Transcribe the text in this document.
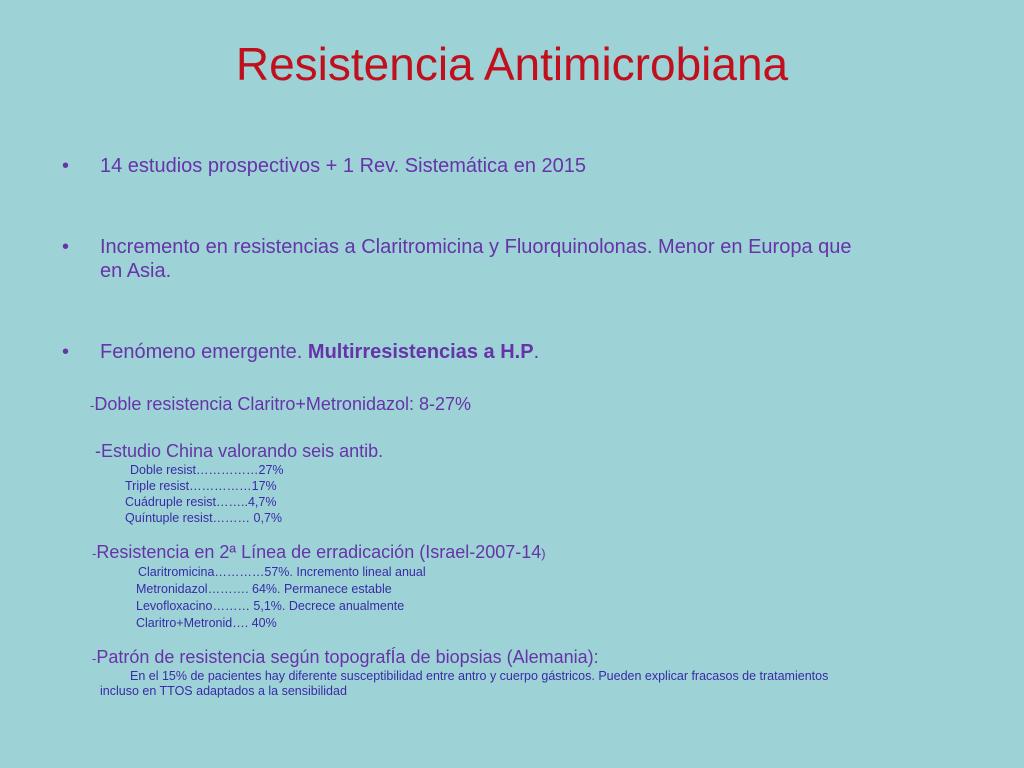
Resistencia Antimicrobiana
• 14 estudios prospectivos + 1 Rev. Sistemática en 2015
• Incremento en resistencias a Claritromicina y Fluorquinolonas. Menor en Europa que
en Asia.
• Fenómeno emergente. Multirresistencias a H.P.
-Doble resistencia Claritro+Metronidazol: 8-27%
-Estudio China valorando seis antib.
Doble resist……………27%
Triple resist……………17%
Cuádruple resist……..4,7%
Quíntuple resist……… 0,7%
-Resistencia en 2ª Línea de erradicación (Israel-2007-14)
Claritromicina…………57%. Incremento lineal anual
Metronidazol………. 64%. Permanece estable
Levofloxacino……… 5,1%. Decrece anualmente
Claritro+Metronid…. 40%
-Patrón de resistencia según topografÍa de biopsias (Alemania):
En el 15% de pacientes hay diferente susceptibilidad entre antro y cuerpo gástricos. Pueden explicar fracasos de tratamientos
incluso en TTOS adaptados a la sensibilidad
